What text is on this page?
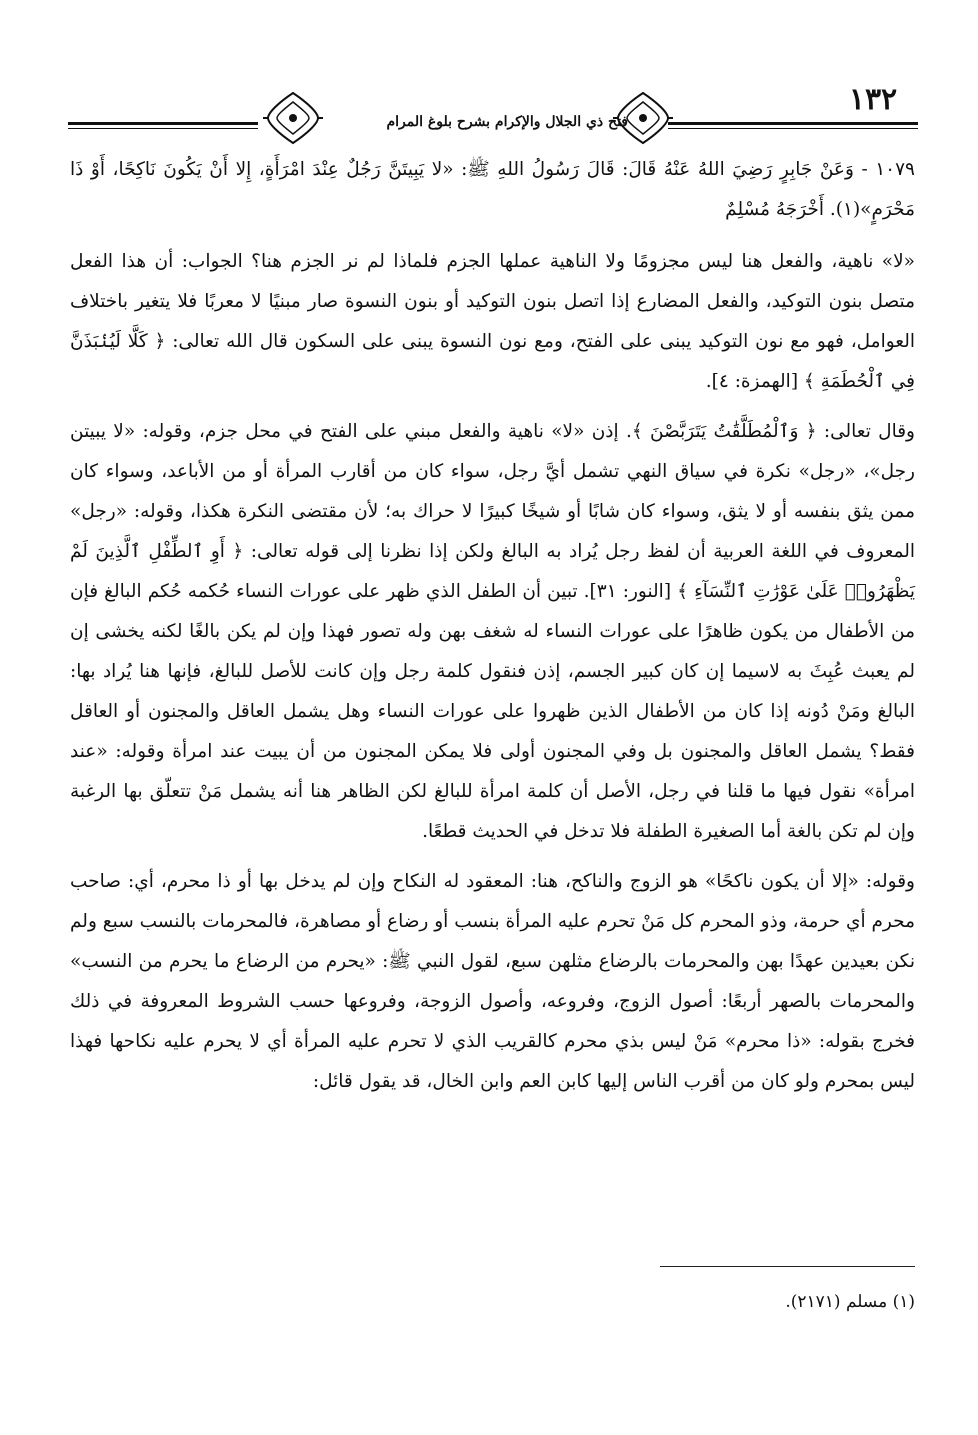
فتح ذي الجلال والإكرام بشرح بلوغ المرام
١٣٢

١٠٧٩ - وَعَنْ جَابِرٍ رَضِيَ اللهُ عَنْهُ قَالَ: قَالَ رَسُولُ اللهِ ﷺ: «لا يَبِيتَنَّ رَجُلٌ عِنْدَ امْرَأَةٍ، إِلا أَنْ يَكُونَ نَاكِحًا، أَوْ ذَا مَحْرَمٍ»(١). أَخْرَجَهُ مُسْلِمٌ

«لا» ناهية، والفعل هنا ليس مجزومًا ولا الناهية عملها الجزم فلماذا لم نر الجزم هنا؟ الجواب: أن هذا الفعل متصل بنون التوكيد، والفعل المضارع إذا اتصل بنون التوكيد أو بنون النسوة صار مبنيًا لا معربًا فلا يتغير باختلاف العوامل، فهو مع نون التوكيد يبنى على الفتح، ومع نون النسوة يبنى على السكون قال الله تعالى: ﴿ كَلَّا لَيُنۢبَذَنَّ فِي ٱلْحُطَمَةِ ﴾ [الهمزة: ٤].

وقال تعالى: ﴿ وَٱلْمُطَلَّقَٰتُ يَتَرَبَّصْنَ ﴾. إذن «لا» ناهية والفعل مبني على الفتح في محل جزم، وقوله: «لا يبيتن رجل»، «رجل» نكرة في سياق النهي تشمل أيَّ رجل، سواء كان من أقارب المرأة أو من الأباعد، وسواء كان ممن يثق بنفسه أو لا يثق، وسواء كان شابًا أو شيخًا كبيرًا لا حراك به؛ لأن مقتضى النكرة هكذا، وقوله: «رجل» المعروف في اللغة العربية أن لفظ رجل يُراد به البالغ ولكن إذا نظرنا إلى قوله تعالى: ﴿ أَوِ ٱلطِّفْلِ ٱلَّذِينَ لَمْ يَظْهَرُوا۟ عَلَىٰ عَوْرَٰتِ ٱلنِّسَآءِ ﴾ [النور: ٣١]. تبين أن الطفل الذي ظهر على عورات النساء حُكمه حُكم البالغ فإن من الأطفال من يكون ظاهرًا على عورات النساء له شغف بهن وله تصور فهذا وإن لم يكن بالغًا لكنه يخشى إن لم يعبث عُبِثَ به لاسيما إن كان كبير الجسم، إذن فنقول كلمة رجل وإن كانت للأصل للبالغ، فإنها هنا يُراد بها: البالغ ومَنْ دُونه إذا كان من الأطفال الذين ظهروا على عورات النساء وهل يشمل العاقل والمجنون أو العاقل فقط؟ يشمل العاقل والمجنون بل وفي المجنون أولى فلا يمكن المجنون من أن يبيت عند امرأة وقوله: «عند امرأة» نقول فيها ما قلنا في رجل، الأصل أن كلمة امرأة للبالغ لكن الظاهر هنا أنه يشمل مَنْ تتعلّق بها الرغبة وإن لم تكن بالغة أما الصغيرة الطفلة فلا تدخل في الحديث قطعًا.

وقوله: «إلا أن يكون ناكحًا» هو الزوج والناكح، هنا: المعقود له النكاح وإن لم يدخل بها أو ذا محرم، أي: صاحب محرم أي حرمة، وذو المحرم كل مَنْ تحرم عليه المرأة بنسب أو رضاع أو مصاهرة، فالمحرمات بالنسب سبع ولم نكن بعيدين عهدًا بهن والمحرمات بالرضاع مثلهن سبع، لقول النبي ﷺ: «يحرم من الرضاع ما يحرم من النسب» والمحرمات بالصهر أربعًا: أصول الزوج، وفروعه، وأصول الزوجة، وفروعها حسب الشروط المعروفة في ذلك فخرج بقوله: «ذا محرم» مَنْ ليس بذي محرم كالقريب الذي لا تحرم عليه المرأة أي لا يحرم عليه نكاحها فهذا ليس بمحرم ولو كان من أقرب الناس إليها كابن العم وابن الخال، قد يقول قائل:

(١) مسلم (٢١٧١).
